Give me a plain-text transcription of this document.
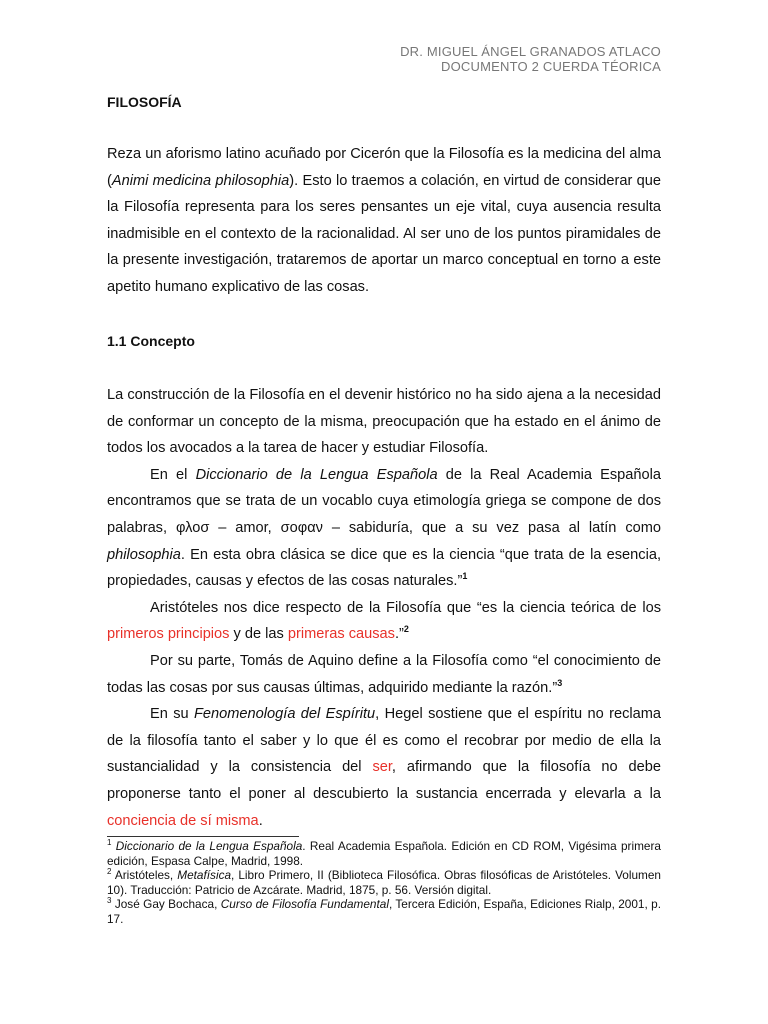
DR. MIGUEL ÁNGEL GRANADOS ATLACO
DOCUMENTO 2 CUERDA TÉORICA
FILOSOFÍA

Reza un aforismo latino acuñado por Cicerón que la Filosofía es la medicina del alma (Animi medicina philosophia). Esto lo traemos a colación, en virtud de considerar que la Filosofía representa para los seres pensantes un eje vital, cuya ausencia resulta inadmisible en el contexto de la racionalidad. Al ser uno de los puntos piramidales de la presente investigación, trataremos de aportar un marco conceptual en torno a este apetito humano explicativo de las cosas.

1.1 Concepto

La construcción de la Filosofía en el devenir histórico no ha sido ajena a la necesidad de conformar un concepto de la misma, preocupación que ha estado en el ánimo de todos los avocados a la tarea de hacer y estudiar Filosofía.

En el Diccionario de la Lengua Española de la Real Academia Española encontramos que se trata de un vocablo cuya etimología griega se compone de dos palabras, φλοσ – amor, σοφαν – sabiduría, que a su vez pasa al latín como philosophia. En esta obra clásica se dice que es la ciencia “que trata de la esencia, propiedades, causas y efectos de las cosas naturales.”$^1$

Aristóteles nos dice respecto de la Filosofía que “es la ciencia teórica de los primeros principios y de las primeras causas.”$^2$

Por su parte, Tomás de Aquino define a la Filosofía como “el conocimiento de todas las cosas por sus causas últimas, adquirido mediante la razón.”$^3$

En su Fenomenología del Espíritu, Hegel sostiene que el espíritu no reclama de la filosofía tanto el saber y lo que él es como el recobrar por medio de ella la sustancialidad y la consistencia del ser, afirmando que la filosofía no debe proponerse tanto el poner al descubierto la sustancia encerrada y elevarla a la conciencia de sí misma.

$^1$ Diccionario de la Lengua Española. Real Academia Española. Edición en CD ROM, Vigésima primera edición, Espasa Calpe, Madrid, 1998.

$^2$ Aristóteles, Metafísica, Libro Primero, II (Biblioteca Filosófica. Obras filosóficas de Aristóteles. Volumen 10). Traducción: Patricio de Azcárate. Madrid, 1875, p. 56. Versión digital.

$^3$ José Gay Bochaca, Curso de Filosofía Fundamental, Tercera Edición, España, Ediciones Rialp, 2001, p. 17.
